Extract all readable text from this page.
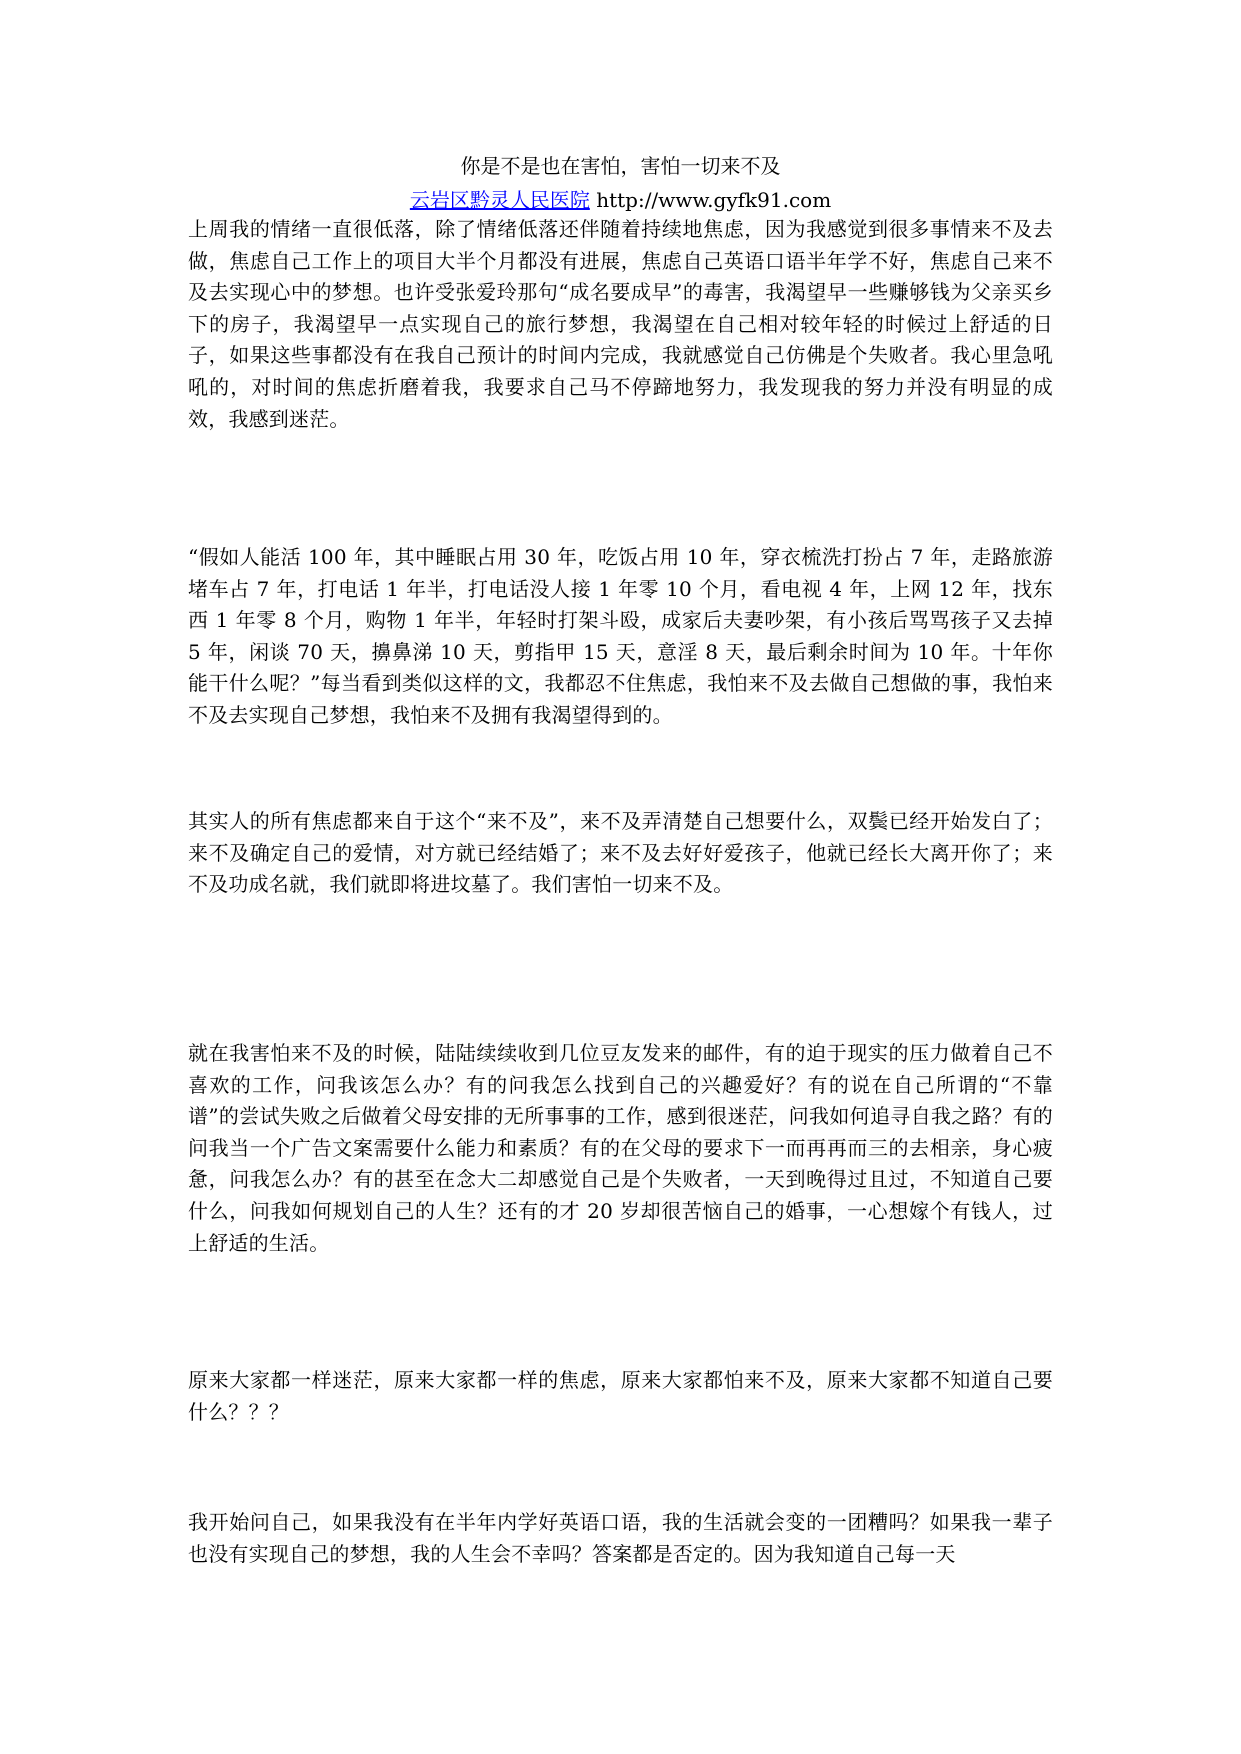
你是不是也在害怕，害怕一切来不及

云岩区黔灵人民医院 http://www.gyfk91.com

上周我的情绪一直很低落，除了情绪低落还伴随着持续地焦虑，因为我感觉到很多事情来不及去做，焦虑自己工作上的项目大半个月都没有进展，焦虑自己英语口语半年学不好，焦虑自己来不及去实现心中的梦想。也许受张爱玲那句“成名要成早”的毒害，我渴望早一些赚够钱为父亲买乡下的房子，我渴望早一点实现自己的旅行梦想，我渴望在自己相对较年轻的时候过上舒适的日子，如果这些事都没有在我自己预计的时间内完成，我就感觉自己仿佛是个失败者。我心里急吼吼的，对时间的焦虑折磨着我，我要求自己马不停蹄地努力，我发现我的努力并没有明显的成效，我感到迷茫。

“假如人能活 100 年，其中睡眠占用 30 年，吃饭占用 10 年，穿衣梳洗打扮占 7 年，走路旅游堵车占 7 年，打电话 1 年半，打电话没人接 1 年零 10 个月，看电视 4 年，上网 12 年，找东西 1 年零 8 个月，购物 1 年半，年轻时打架斗殴，成家后夫妻吵架，有小孩后骂骂孩子又去掉 5 年，闲谈 70 天，擤鼻涕 10 天，剪指甲 15 天，意淫 8 天，最后剩余时间为 10 年。十年你能干什么呢？”每当看到类似这样的文，我都忍不住焦虑，我怕来不及去做自己想做的事，我怕来不及去实现自己梦想，我怕来不及拥有我渴望得到的。

其实人的所有焦虑都来自于这个“来不及”，来不及弄清楚自己想要什么，双鬓已经开始发白了；来不及确定自己的爱情，对方就已经结婚了；来不及去好好爱孩子，他就已经长大离开你了；来不及功成名就，我们就即将进坟墓了。我们害怕一切来不及。

就在我害怕来不及的时候，陆陆续续收到几位豆友发来的邮件，有的迫于现实的压力做着自己不喜欢的工作，问我该怎么办？有的问我怎么找到自己的兴趣爱好？有的说在自己所谓的“不靠谱”的尝试失败之后做着父母安排的无所事事的工作，感到很迷茫，问我如何追寻自我之路？有的问我当一个广告文案需要什么能力和素质？有的在父母的要求下一而再再而三的去相亲，身心疲惫，问我怎么办？有的甚至在念大二却感觉自己是个失败者，一天到晚得过且过，不知道自己要什么，问我如何规划自己的人生？还有的才 20 岁却很苦恼自己的婚事，一心想嫁个有钱人，过上舒适的生活。

原来大家都一样迷茫，原来大家都一样的焦虑，原来大家都怕来不及，原来大家都不知道自己要什么？？？

我开始问自己，如果我没有在半年内学好英语口语，我的生活就会变的一团糟吗？如果我一辈子也没有实现自己的梦想，我的人生会不幸吗？答案都是否定的。因为我知道自己每一天
